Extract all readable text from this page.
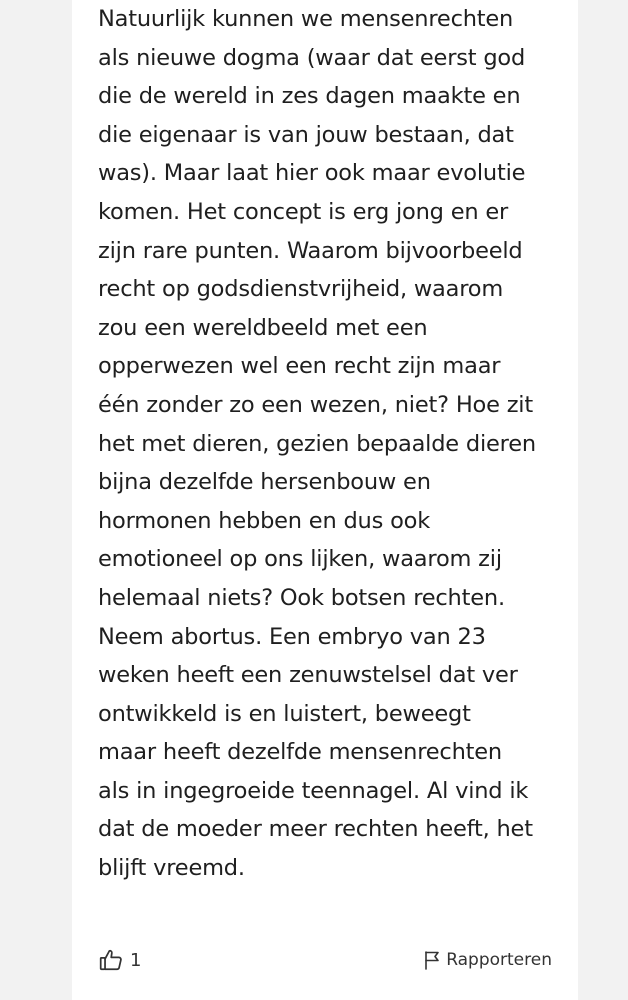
Natuurlijk kunnen we mensenrechten
als nieuwe dogma (waar dat eerst god
die de wereld in zes dagen maakte en
die eigenaar is van jouw bestaan, dat
was). Maar laat hier ook maar evolutie
komen. Het concept is erg jong en er
zijn rare punten. Waarom bijvoorbeeld
recht op godsdienstvrijheid, waarom
zou een wereldbeeld met een
opperwezen wel een recht zijn maar
één zonder zo een wezen, niet? Hoe zit
het met dieren, gezien bepaalde dieren
bijna dezelfde hersenbouw en
hormonen hebben en dus ook
emotioneel op ons lijken, waarom zij
helemaal niets? Ook botsen rechten.
Neem abortus. Een embryo van 23
weken heeft een zenuwstelsel dat ver
ontwikkeld is en luistert, beweegt
maar heeft dezelfde mensenrechten
als in ingegroeide teennagel. Al vind ik
dat de moeder meer rechten heeft, het
blijft vreemd.

1	Rapporteren
